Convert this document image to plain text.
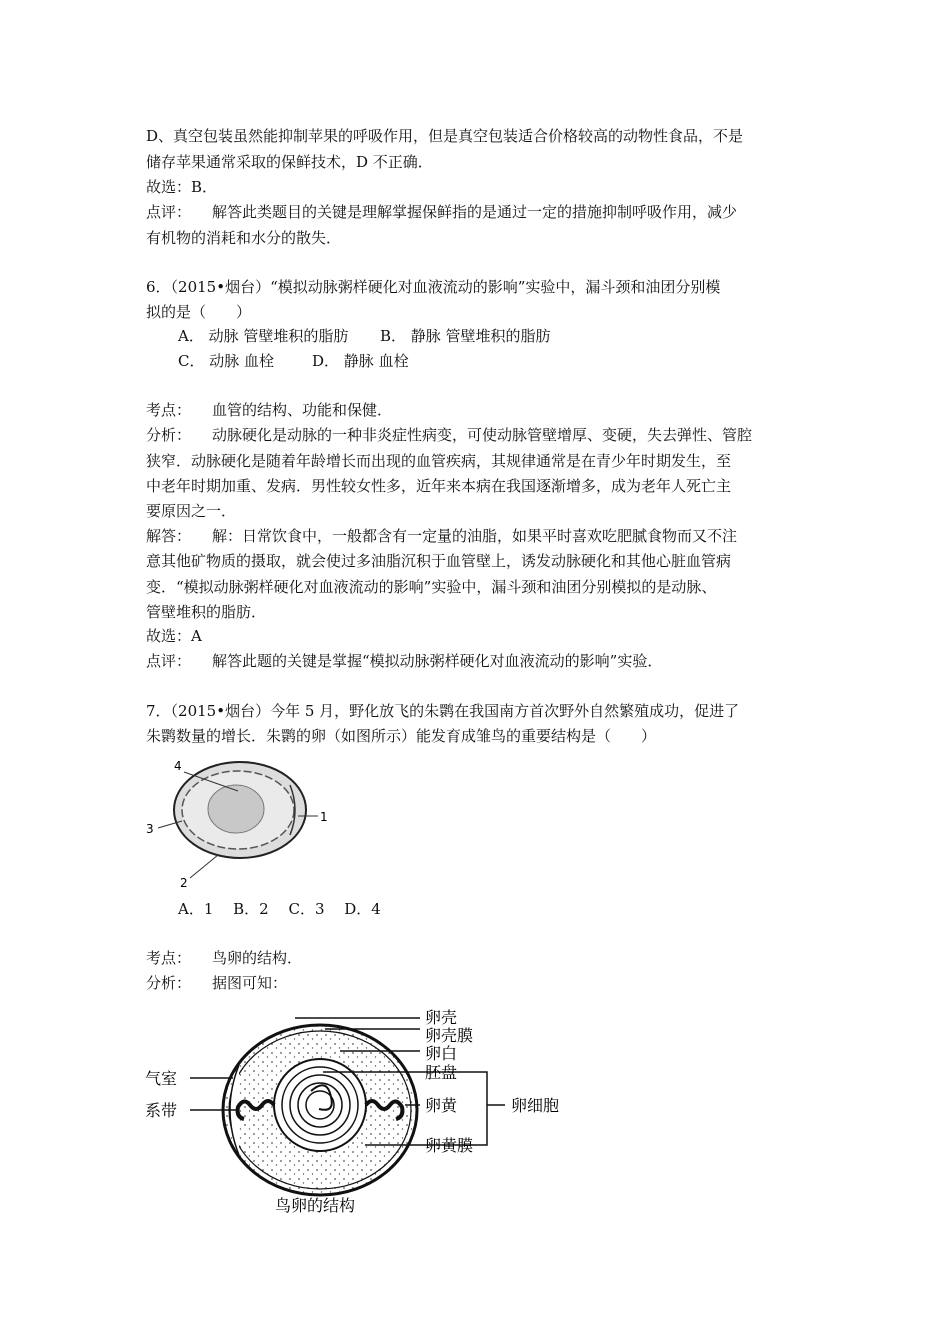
D、真空包装虽然能抑制苹果的呼吸作用，但是真空包装适合价格较高的动物性食品，不是
储存苹果通常采取的保鲜技术，D 不正确．
故选：B．
点评： 解答此类题目的关键是理解掌握保鲜指的是通过一定的措施抑制呼吸作用，减少
有机物的消耗和水分的散失．
6．（2015•烟台）“模拟动脉粥样硬化对血液流动的影响”实验中，漏斗颈和油团分别模
拟的是（　　）
A． 动脉 管壁堆积的脂肪 B． 静脉 管壁堆积的脂肪
C． 动脉 血栓	D． 静脉 血栓
考点： 血管的结构、功能和保健．
分析： 动脉硬化是动脉的一种非炎症性病变，可使动脉管壁增厚、变硬，失去弹性、管腔
狭窄．动脉硬化是随着年龄增长而出现的血管疾病，其规律通常是在青少年时期发生，至
中老年时期加重、发病．男性较女性多，近年来本病在我国逐渐增多，成为老年人死亡主
要原因之一．
解答： 解：日常饮食中，一般都含有一定量的油脂，如果平时喜欢吃肥腻食物而又不注
意其他矿物质的摄取，就会使过多油脂沉积于血管壁上，诱发动脉硬化和其他心脏血管病
变．“模拟动脉粥样硬化对血液流动的影响”实验中，漏斗颈和油团分别模拟的是动脉、
管壁堆积的脂肪．
故选：A
点评： 解答此题的关键是掌握“模拟动脉粥样硬化对血液流动的影响”实验．
7．（2015•烟台）今年 5 月，野化放飞的朱鹮在我国南方首次野外自然繁殖成功，促进了
朱鹮数量的增长．朱鹮的卵（如图所示）能发育成雏鸟的重要结构是（　　）
1
2
3
4
A．1　 B．2　 C．3　 D．4
考点： 鸟卵的结构．
分析： 据图可知：
卵壳
卵壳膜
卵白
胚盘
卵黄
卵黄膜
卵细胞
气室
系带
鸟卵的结构
